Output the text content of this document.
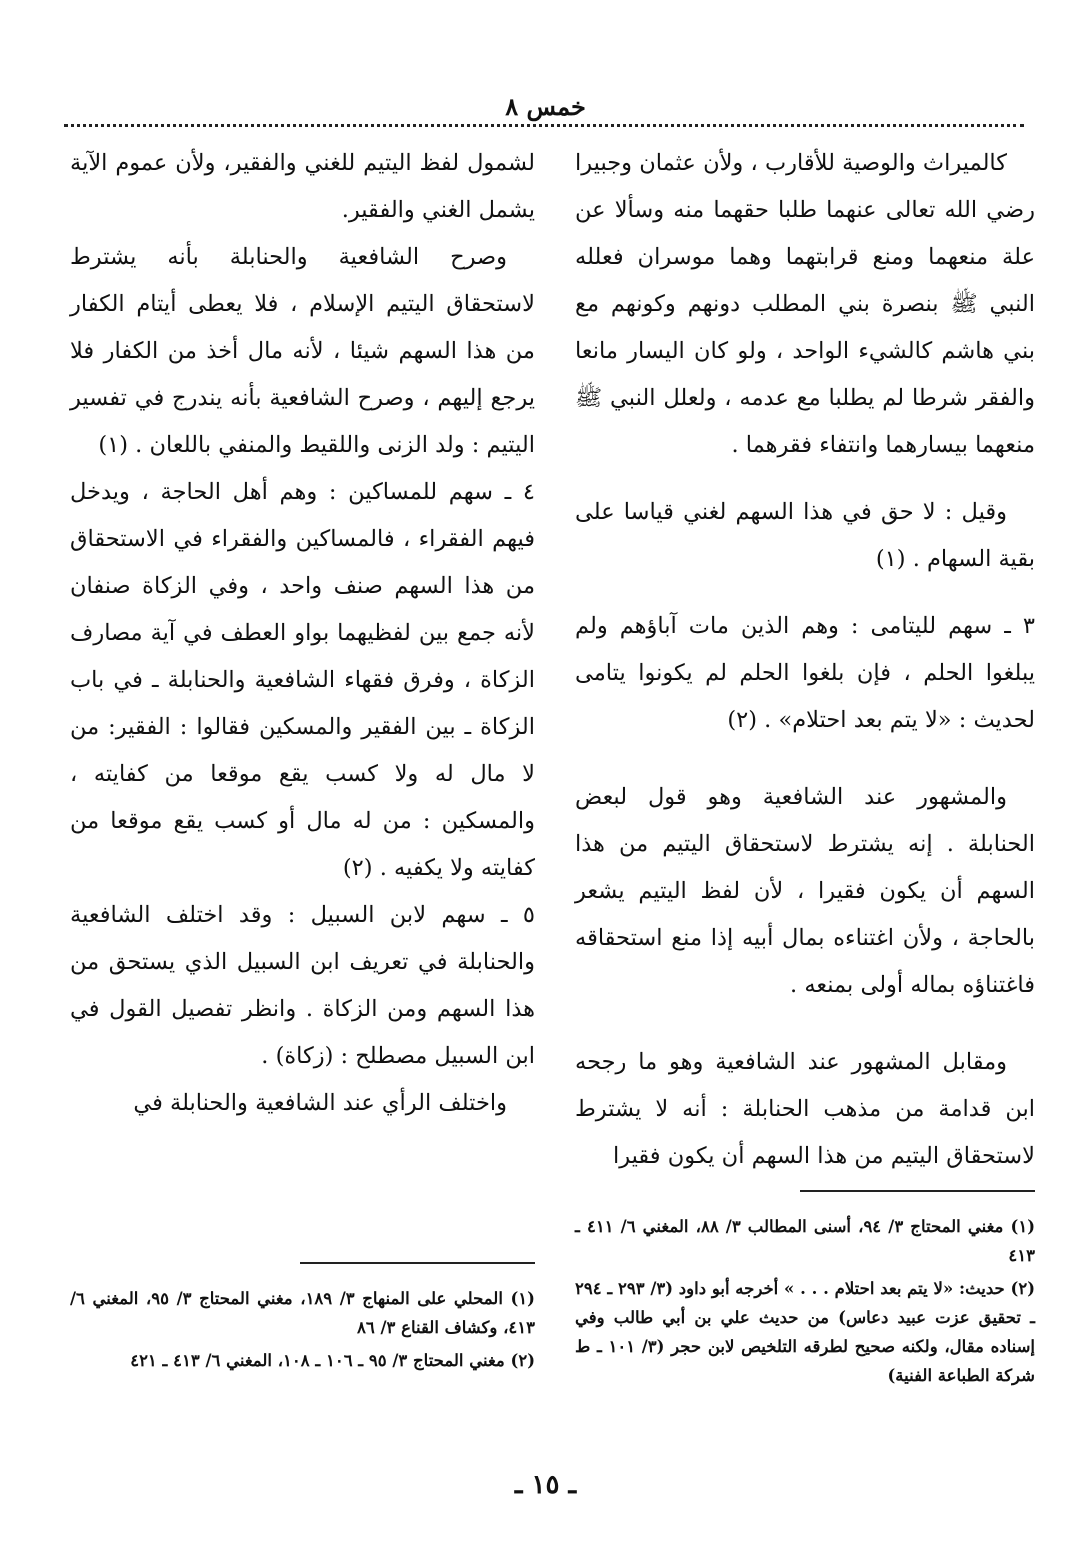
خمس ٨

كالميراث والوصية للأقارب ، ولأن عثمان وجبيرا رضي الله تعالى عنهما طلبا حقهما منه وسألا عن علة منعهما ومنع قرابتهما وهما موسران فعلله النبي ﷺ بنصرة بني المطلب دونهم وكونهم مع بني هاشم كالشيء الواحد ، ولو كان اليسار مانعا والفقر شرطا لم يطلبا مع عدمه ، ولعلل النبي ﷺ منعهما بيسارهما وانتفاء فقرهما .

وقيل : لا حق في هذا السهم لغني قياسا على بقية السهام . (١)

٣ ـ سهم لليتامى : وهم الذين مات آباؤهم ولم يبلغوا الحلم ، فإن بلغوا الحلم لم يكونوا يتامى لحديث : «لا يتم بعد احتلام» . (٢)

والمشهور عند الشافعية وهو قول لبعض الحنابلة . إنه يشترط لاستحقاق اليتيم من هذا السهم أن يكون فقيرا ، لأن لفظ اليتيم يشعر بالحاجة ، ولأن اغتناءه بمال أبيه إذا منع استحقاقه فاغتناؤه بماله أولى بمنعه .

ومقابل المشهور عند الشافعية وهو ما رجحه ابن قدامة من مذهب الحنابلة : أنه لا يشترط لاستحقاق اليتيم من هذا السهم أن يكون فقيرا

لشمول لفظ اليتيم للغني والفقير، ولأن عموم الآية يشمل الغني والفقير.

وصرح الشافعية والحنابلة بأنه يشترط لاستحقاق اليتيم الإسلام ، فلا يعطى أيتام الكفار من هذا السهم شيئا ، لأنه مال أخذ من الكفار فلا يرجع إليهم ، وصرح الشافعية بأنه يندرج في تفسير اليتيم : ولد الزنى واللقيط والمنفي باللعان . (١)

٤ ـ سهم للمساكين : وهم أهل الحاجة ، ويدخل فيهم الفقراء ، فالمساكين والفقراء في الاستحقاق من هذا السهم صنف واحد ، وفي الزكاة صنفان لأنه جمع بين لفظيهما بواو العطف في آية مصارف الزكاة ، وفرق فقهاء الشافعية والحنابلة ـ في باب الزكاة ـ بين الفقير والمسكين فقالوا : الفقير: من لا مال له ولا كسب يقع موقعا من كفايته ، والمسكين : من له مال أو كسب يقع موقعا من كفايته ولا يكفيه . (٢)

٥ ـ سهم لابن السبيل : وقد اختلف الشافعية والحنابلة في تعريف ابن السبيل الذي يستحق من هذا السهم ومن الزكاة . وانظر تفصيل القول في ابن السبيل مصطلح : (زكاة) .

واختلف الرأي عند الشافعية والحنابلة في

(١) مغني المحتاج ٣/ ٩٤، أسنى المطالب ٣/ ٨٨، المغني ٦/ ٤١١ ـ ٤١٣

(٢) حديث: «لا يتم بعد احتلام . . . » أخرجه أبو داود (٣/ ٢٩٣ ـ ٢٩٤ ـ تحقيق عزت عبيد دعاس) من حديث علي بن أبي طالب وفي إسناده مقال، ولكنه صحيح لطرقه التلخيص لابن حجر (٣/ ١٠١ ـ ط شركة الطباعة الفنية)

(١) المحلي على المنهاج ٣/ ١٨٩، مغني المحتاج ٣/ ٩٥، المغني ٦/ ٤١٣، وكشاف القناع ٣/ ٨٦

(٢) مغني المحتاج ٣/ ٩٥ ـ ١٠٦ ـ ١٠٨، المغني ٦/ ٤١٣ ـ ٤٢١

ـ ١٥ ـ
